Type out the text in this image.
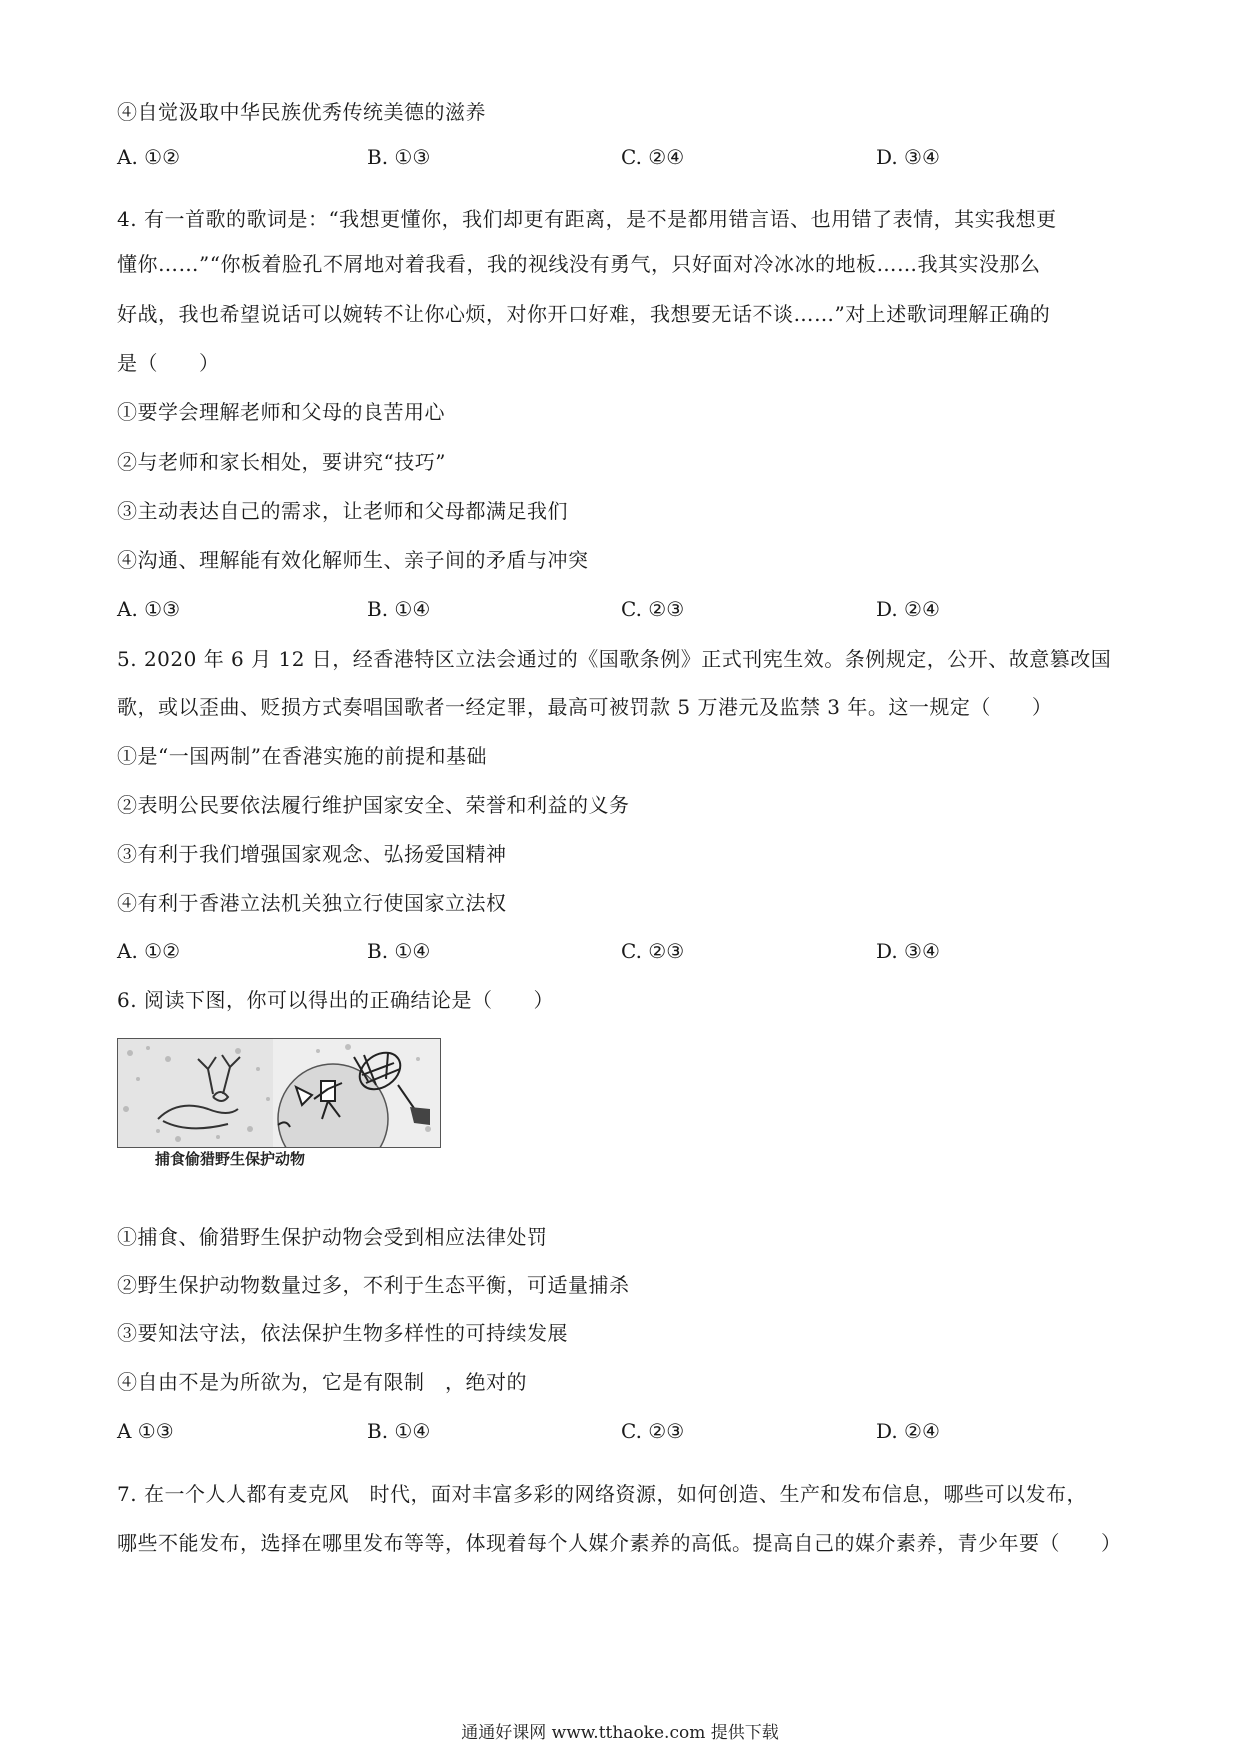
④自觉汲取中华民族优秀传统美德的滋养
A. ①②	B. ①③	C. ②④	D. ③④
4. 有一首歌的歌词是：“我想更懂你，我们却更有距离，是不是都用错言语、也用错了表情，其实我想更
懂你……”“你板着脸孔不屑地对着我看，我的视线没有勇气，只好面对冷冰冰的地板……我其实没那么
好战，我也希望说话可以婉转不让你心烦，对你开口好难，我想要无话不谈……”对上述歌词理解正确的
是（　　）
①要学会理解老师和父母的良苦用心
②与老师和家长相处，要讲究“技巧”
③主动表达自己的需求，让老师和父母都满足我们
④沟通、理解能有效化解师生、亲子间的矛盾与冲突
A. ①③	B. ①④	C. ②③	D. ②④
5. 2020 年 6 月 12 日，经香港特区立法会通过的《国歌条例》正式刊宪生效。条例规定，公开、故意篡改国
歌，或以歪曲、贬损方式奏唱国歌者一经定罪，最高可被罚款 5 万港元及监禁 3 年。这一规定（　　）
①是“一国两制”在香港实施的前提和基础
②表明公民要依法履行维护国家安全、荣誉和利益的义务
③有利于我们增强国家观念、弘扬爱国精神
④有利于香港立法机关独立行使国家立法权
A. ①②	B. ①④	C. ②③	D. ③④
6. 阅读下图，你可以得出的正确结论是（　　）
捕食偷猎野生保护动物
①捕食、偷猎野生保护动物会受到相应法律处罚
②野生保护动物数量过多，不利于生态平衡，可适量捕杀
③要知法守法，依法保护生物多样性的可持续发展
④自由不是为所欲为，它是有限制　，绝对的
A ①③	B. ①④	C. ②③	D. ②④
7. 在一个人人都有麦克风　时代，面对丰富多彩的网络资源，如何创造、生产和发布信息，哪些可以发布，
哪些不能发布，选择在哪里发布等等，体现着每个人媒介素养的高低。提高自己的媒介素养，青少年要（　　）
通通好课网 www.tthaoke.com 提供下载
